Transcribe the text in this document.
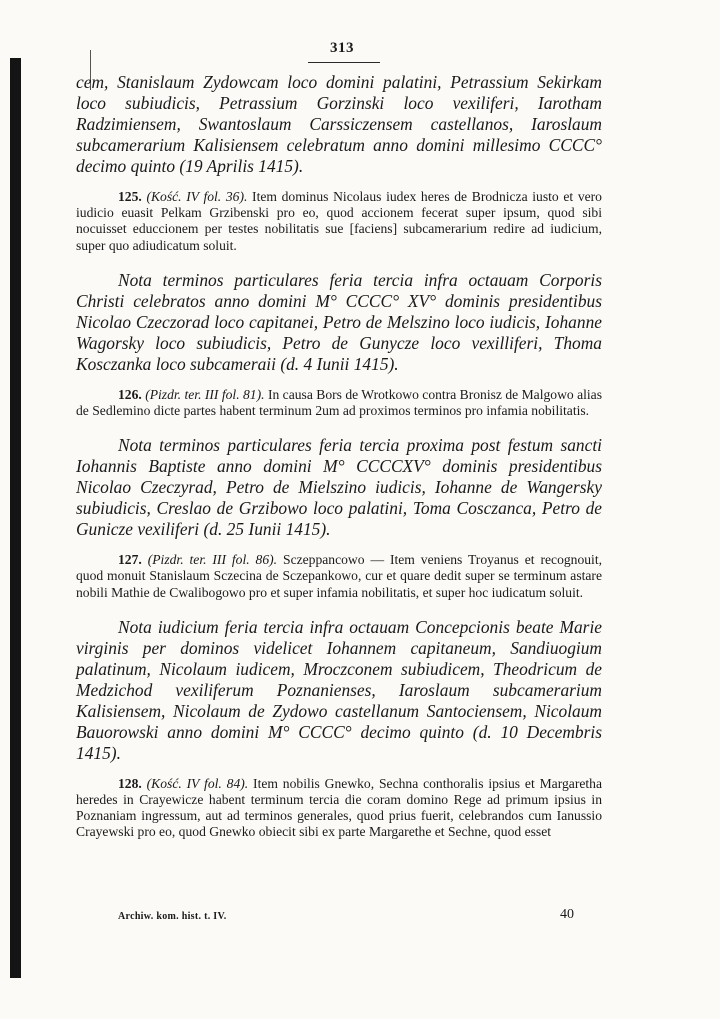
313

cem, Stanislaum Zydowcam loco domini palatini, Petrassium Sekirkam loco subiudicis, Petrassium Gorzinski loco vexiliferi, Iarotham Radzimiensem, Swantoslaum Carssiczensem castellanos, Iaroslaum subcamerarium Kalisiensem celebratum anno domini millesimo CCCC° decimo quinto (19 Aprilis 1415).

125. (Kość. IV fol. 36). Item dominus Nicolaus iudex heres de Brodnicza iusto et vero iudicio euasit Pelkam Grzibenski pro eo, quod accionem fecerat super ipsum, quod sibi nocuisset educcionem per testes nobilitatis sue [faciens] subcamerarium redire ad iudicium, super quo adiudicatum soluit.

Nota terminos particulares feria tercia infra octauam Corporis Christi celebratos anno domini M° CCCC° XV° dominis presidentibus Nicolao Czeczorad loco capitanei, Petro de Melszino loco iudicis, Iohanne Wagorsky loco subiudicis, Petro de Gunycze loco vexilliferi, Thoma Kosczanka loco subcameraii (d. 4 Iunii 1415).

126. (Pizdr. ter. III fol. 81). In causa Bors de Wrotkowo contra Bronisz de Malgowo alias de Sedlemino dicte partes habent terminum 2um ad proximos terminos pro infamia nobilitatis.

Nota terminos particulares feria tercia proxima post festum sancti Iohannis Baptiste anno domini M° CCCCXV° dominis presidentibus Nicolao Czeczyrad, Petro de Mielszino iudicis, Iohanne de Wangersky subiudicis, Creslao de Grzibowo loco palatini, Toma Cosczanca, Petro de Gunicze vexiliferi (d. 25 Iunii 1415).

127. (Pizdr. ter. III fol. 86). Sczeppancowo — Item veniens Troyanus et recognouit, quod monuit Stanislaum Sczecina de Sczepankowo, cur et quare dedit super se terminum astare nobili Mathie de Cwalibogowo pro et super infamia nobilitatis, et super hoc iudicatum soluit.

Nota iudicium feria tercia infra octauam Concepcionis beate Marie virginis per dominos videlicet Iohannem capitaneum, Sandiuogium palatinum, Nicolaum iudicem, Mroczconem subiudicem, Theodricum de Medzichod vexiliferum Poznanienses, Iaroslaum subcamerarium Kalisiensem, Nicolaum de Zydowo castellanum Santociensem, Nicolaum Bauorowski anno domini M° CCCC° decimo quinto (d. 10 Decembris 1415).

128. (Kość. IV fol. 84). Item nobilis Gnewko, Sechna conthoralis ipsius et Margaretha heredes in Crayewicze habent terminum tercia die coram domino Rege ad primum ipsius in Poznaniam ingressum, aut ad terminos generales, quod prius fuerit, celebrandos cum Ianussio Crayewski pro eo, quod Gnewko obiecit sibi ex parte Margarethe et Sechne, quod esset

Archiw. kom. hist. t. IV.	40
